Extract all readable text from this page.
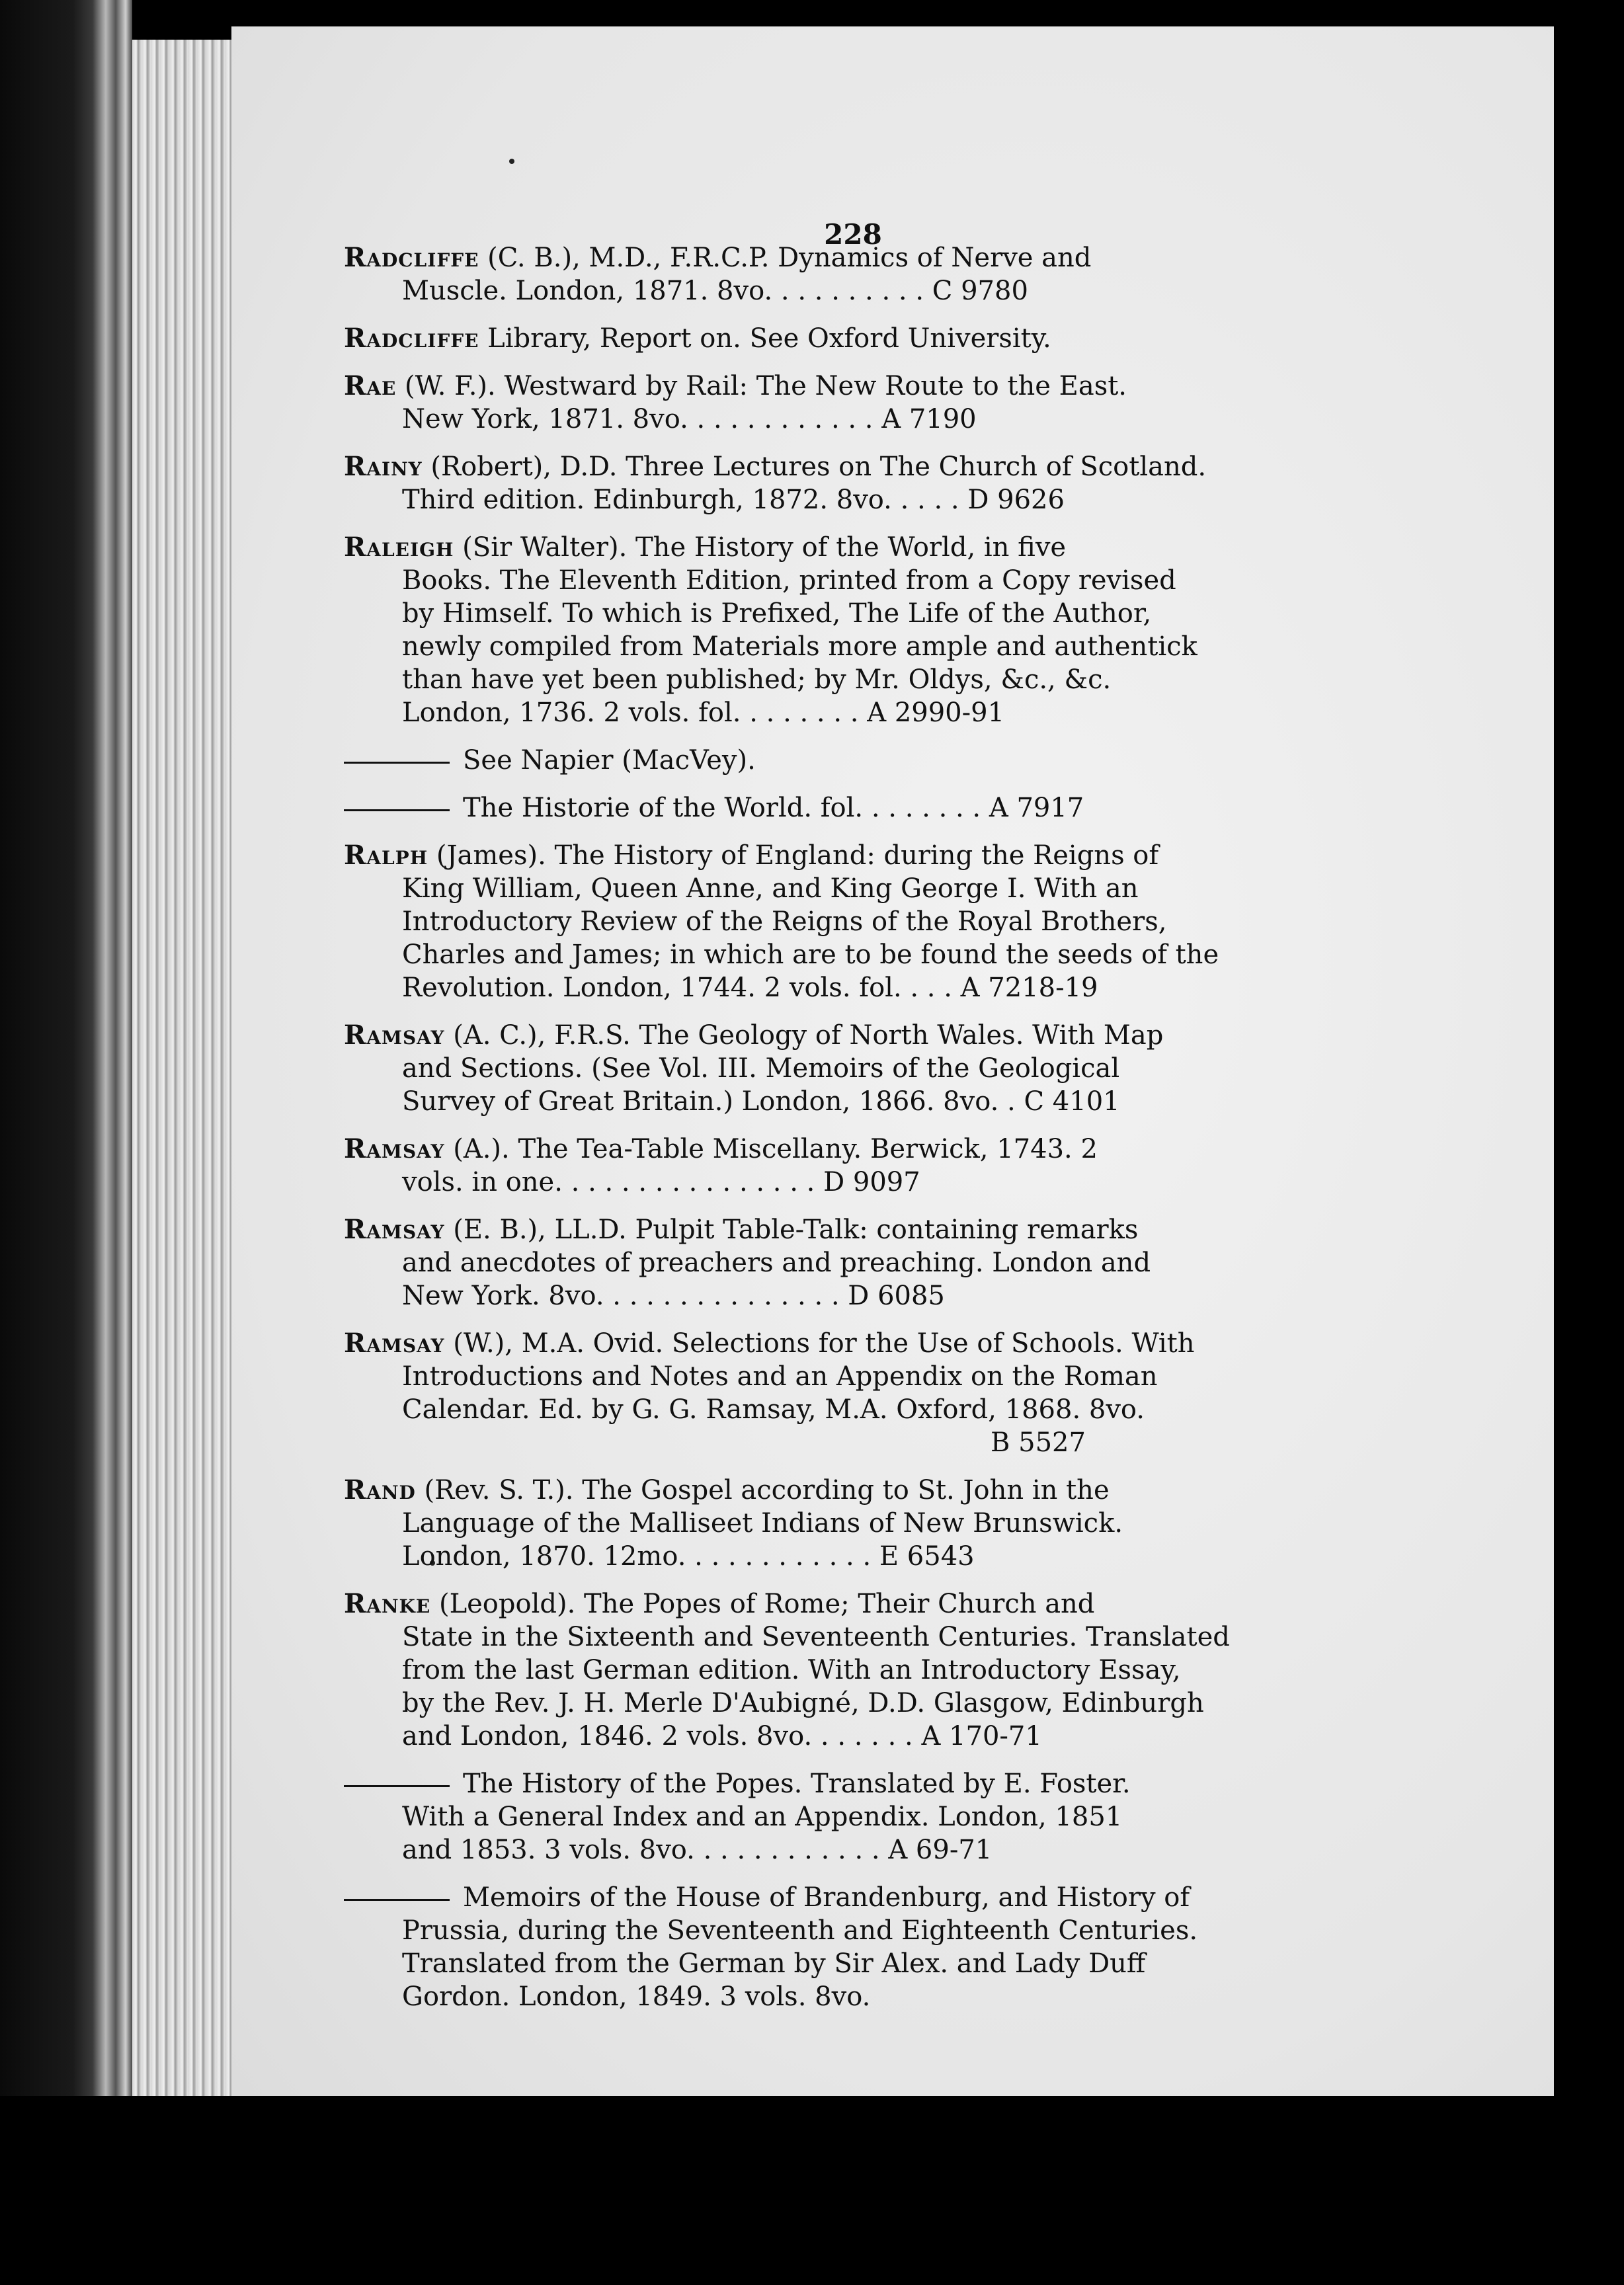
228
Radcliffe (C. B.), M.D., F.R.C.P. Dynamics of Nerve and
Muscle. London, 1871. 8vo. . . . . . . . . . C 9780
Radcliffe Library, Report on. See Oxford University.
Rae (W. F.). Westward by Rail: The New Route to the East.
New York, 1871. 8vo. . . . . . . . . . . . A 7190
Rainy (Robert), D.D. Three Lectures on The Church of Scotland.
Third edition. Edinburgh, 1872. 8vo. . . . . D 9626
Raleigh (Sir Walter). The History of the World, in five
Books. The Eleventh Edition, printed from a Copy revised
by Himself. To which is Prefixed, The Life of the Author,
newly compiled from Materials more ample and authentick
than have yet been published; by Mr. Oldys, &c., &c.
London, 1736. 2 vols. fol. . . . . . . . A 2990-91
See Napier (MacVey).
The Historie of the World. fol. . . . . . . . A 7917
Ralph (James). The History of England: during the Reigns of
King William, Queen Anne, and King George I. With an
Introductory Review of the Reigns of the Royal Brothers,
Charles and James; in which are to be found the seeds of the
Revolution. London, 1744. 2 vols. fol. . . . A 7218-19
Ramsay (A. C.), F.R.S. The Geology of North Wales. With Map
and Sections. (See Vol. III. Memoirs of the Geological
Survey of Great Britain.) London, 1866. 8vo. . C 4101
Ramsay (A.). The Tea-Table Miscellany. Berwick, 1743. 2
vols. in one. . . . . . . . . . . . . . . . D 9097
Ramsay (E. B.), LL.D. Pulpit Table-Talk: containing remarks
and anecdotes of preachers and preaching. London and
New York. 8vo. . . . . . . . . . . . . . . D 6085
Ramsay (W.), M.A. Ovid. Selections for the Use of Schools. With
Introductions and Notes and an Appendix on the Roman
Calendar. Ed. by G. G. Ramsay, M.A. Oxford, 1868. 8vo.
B 5527
Rand (Rev. S. T.). The Gospel according to St. John in the
Language of the Malliseet Indians of New Brunswick.
London, 1870. 12mo. . . . . . . . . . . . E 6543
Ranke (Leopold). The Popes of Rome; Their Church and
State in the Sixteenth and Seventeenth Centuries. Translated
from the last German edition. With an Introductory Essay,
by the Rev. J. H. Merle D'Aubigné, D.D. Glasgow, Edinburgh
and London, 1846. 2 vols. 8vo. . . . . . . A 170-71
The History of the Popes. Translated by E. Foster.
With a General Index and an Appendix. London, 1851
and 1853. 3 vols. 8vo. . . . . . . . . . . . A 69-71
Memoirs of the House of Brandenburg, and History of
Prussia, during the Seventeenth and Eighteenth Centuries.
Translated from the German by Sir Alex. and Lady Duff
Gordon. London, 1849. 3 vols. 8vo.
